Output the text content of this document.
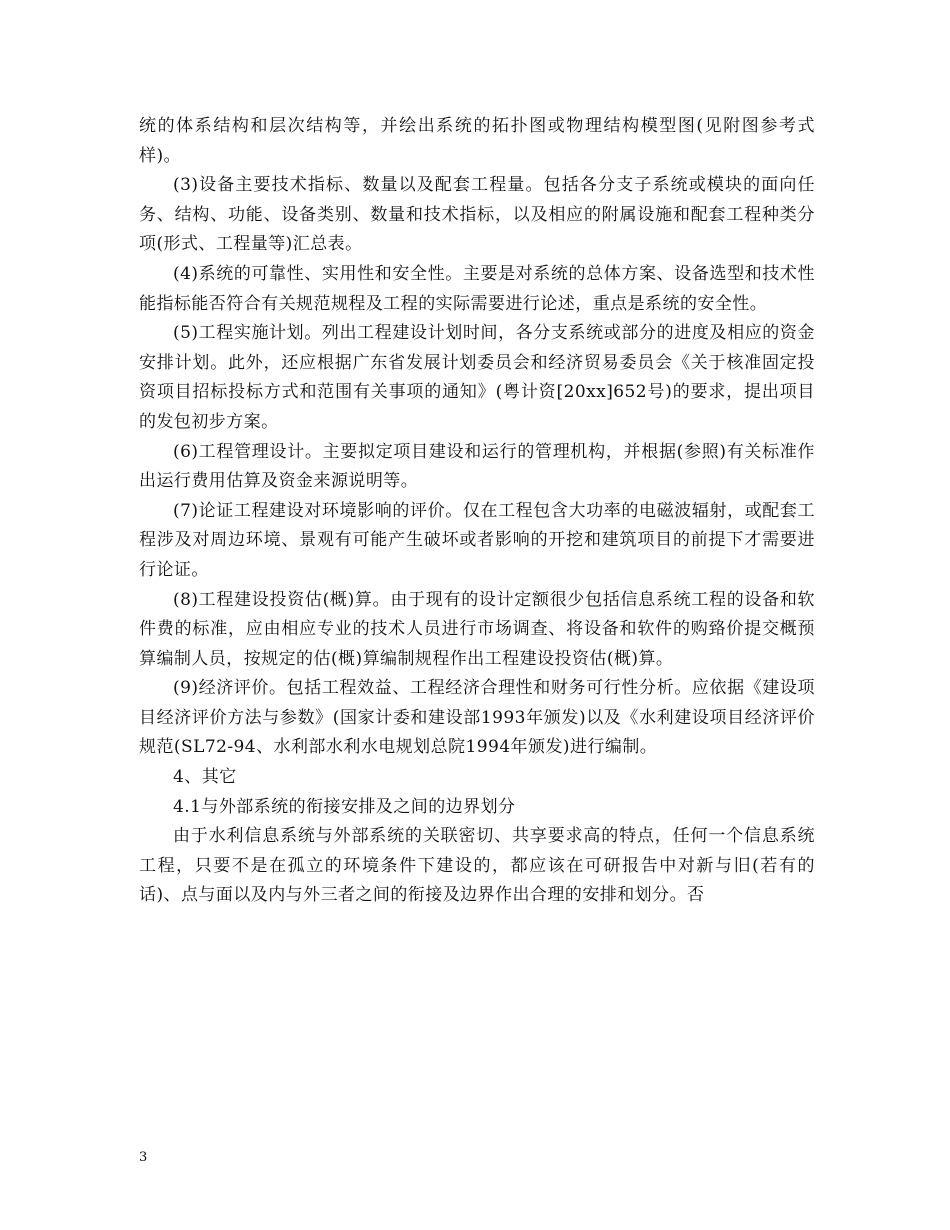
统的体系结构和层次结构等，并绘出系统的拓扑图或物理结构模型图(见附图参考式样)。

(3)设备主要技术指标、数量以及配套工程量。包括各分支子系统或模块的面向任务、结构、功能、设备类别、数量和技术指标，以及相应的附属设施和配套工程种类分项(形式、工程量等)汇总表。

(4)系统的可靠性、实用性和安全性。主要是对系统的总体方案、设备选型和技术性能指标能否符合有关规范规程及工程的实际需要进行论述，重点是系统的安全性。

(5)工程实施计划。列出工程建设计划时间，各分支系统或部分的进度及相应的资金安排计划。此外，还应根据广东省发展计划委员会和经济贸易委员会《关于核准固定投资项目招标投标方式和范围有关事项的通知》(粤计资[20xx]652号)的要求，提出项目的发包初步方案。

(6)工程管理设计。主要拟定项目建设和运行的管理机构，并根据(参照)有关标准作出运行费用估算及资金来源说明等。

(7)论证工程建设对环境影响的评价。仅在工程包含大功率的电磁波辐射，或配套工程涉及对周边环境、景观有可能产生破坏或者影响的开挖和建筑项目的前提下才需要进行论证。

(8)工程建设投资估(概)算。由于现有的设计定额很少包括信息系统工程的设备和软件费的标准，应由相应专业的技术人员进行市场调查、将设备和软件的购臵价提交概预算编制人员，按规定的估(概)算编制规程作出工程建设投资估(概)算。

(9)经济评价。包括工程效益、工程经济合理性和财务可行性分析。应依据《建设项目经济评价方法与参数》(国家计委和建设部1993年颁发)以及《水利建设项目经济评价规范(SL72-94、水利部水利水电规划总院1994年颁发)进行编制。

4、其它

4.1与外部系统的衔接安排及之间的边界划分

由于水利信息系统与外部系统的关联密切、共享要求高的特点，任何一个信息系统工程，只要不是在孤立的环境条件下建设的，都应该在可研报告中对新与旧(若有的话)、点与面以及内与外三者之间的衔接及边界作出合理的安排和划分。否

3
